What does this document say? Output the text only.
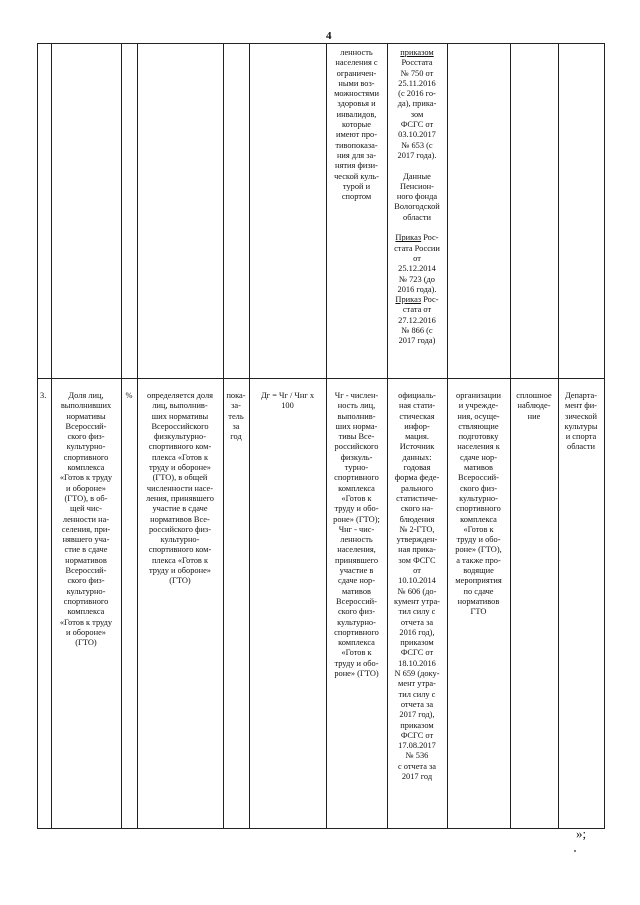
4
ленность
населения с
ограничен-
ными воз-
можностями
здоровья и
инвалидов,
которые
имеют про-
тивопоказа-
ния для за-
нятия физи-
ческой куль-
турой и
спортом
приказом
Росстата
№ 750 от
25.11.2016
(с 2016 го-
да), прика-
зом
ФСГС от
03.10.2017
№ 653 (с
2017 года).

Данные
Пенсион-
ного фонда
Вологодской
области

Приказ Рос-
стата России
от
25.12.2014
№ 723 (до
2016 года).
Приказ Рос-
стата от
27.12.2016
№ 866 (с
2017 года)
3.	Доля лиц,
выполнивших
нормативы
Всероссий-
ского физ-
культурно-
спортивного
комплекса
«Готов к труду
и обороне»
(ГТО), в об-
щей чис-
ленности на-
селения, при-
нявшего уча-
стие в сдаче
нормативов
Всероссий-
ского физ-
культурно-
спортивного
комплекса
«Готов к труду
и обороне»
(ГТО)
%	определяется доля
лиц, выполнив-
ших нормативы
Всероссийского
физкультурно-
спортивного ком-
плекса «Готов к
труду и обороне»
(ГТО), в общей
численности насе-
ления, принявшего
участие в сдаче
нормативов Все-
российского физ-
культурно-
спортивного ком-
плекса «Готов к
труду и обороне»
(ГТО)
пока-
за-
тель
за
год
Дг = Чг / Чнг х
100
Чг - числен-
ность лиц,
выполнив-
ших норма-
тивы Все-
российского
физкуль-
турно-
спортивного
комплекса
«Готов к
труду и обо-
роне» (ГТО);
Чнг - чис-
ленность
населения,
принявшего
участие в
сдаче нор-
мативов
Всероссий-
ского физ-
культурно-
спортивного
комплекса
«Готов к
труду и обо-
роне» (ГТО)
официаль-
ная стати-
стическая
инфор-
мация.
Источник
данных:
годовая
форма феде-
рального
статистиче-
ского на-
блюдения
№ 2-ГТО,
утвержден-
ная прика-
зом ФСГС
от
10.10.2014
№ 606 (до-
кумент утра-
тил силу с
отчета за
2016 год),
приказом
ФСГС от
18.10.2016
N 659 (доку-
мент утра-
тил силу с
отчета за
2017 год),
приказом
ФСГС от
17.08.2017
№ 536
с отчета за
2017 год
организации
и учрежде-
ния, осуще-
ствляющие
подготовку
населения к
сдаче нор-
мативов
Всероссий-
ского физ-
культурно-
спортивного
комплекса
«Готов к
труду и обо-
роне» (ГТО),
а также про-
водящие
мероприятия
по сдаче
нормативов
ГТО
сплошное
наблюде-
ние
Департа-
мент фи-
зической
культуры
и спорта
области
»;
